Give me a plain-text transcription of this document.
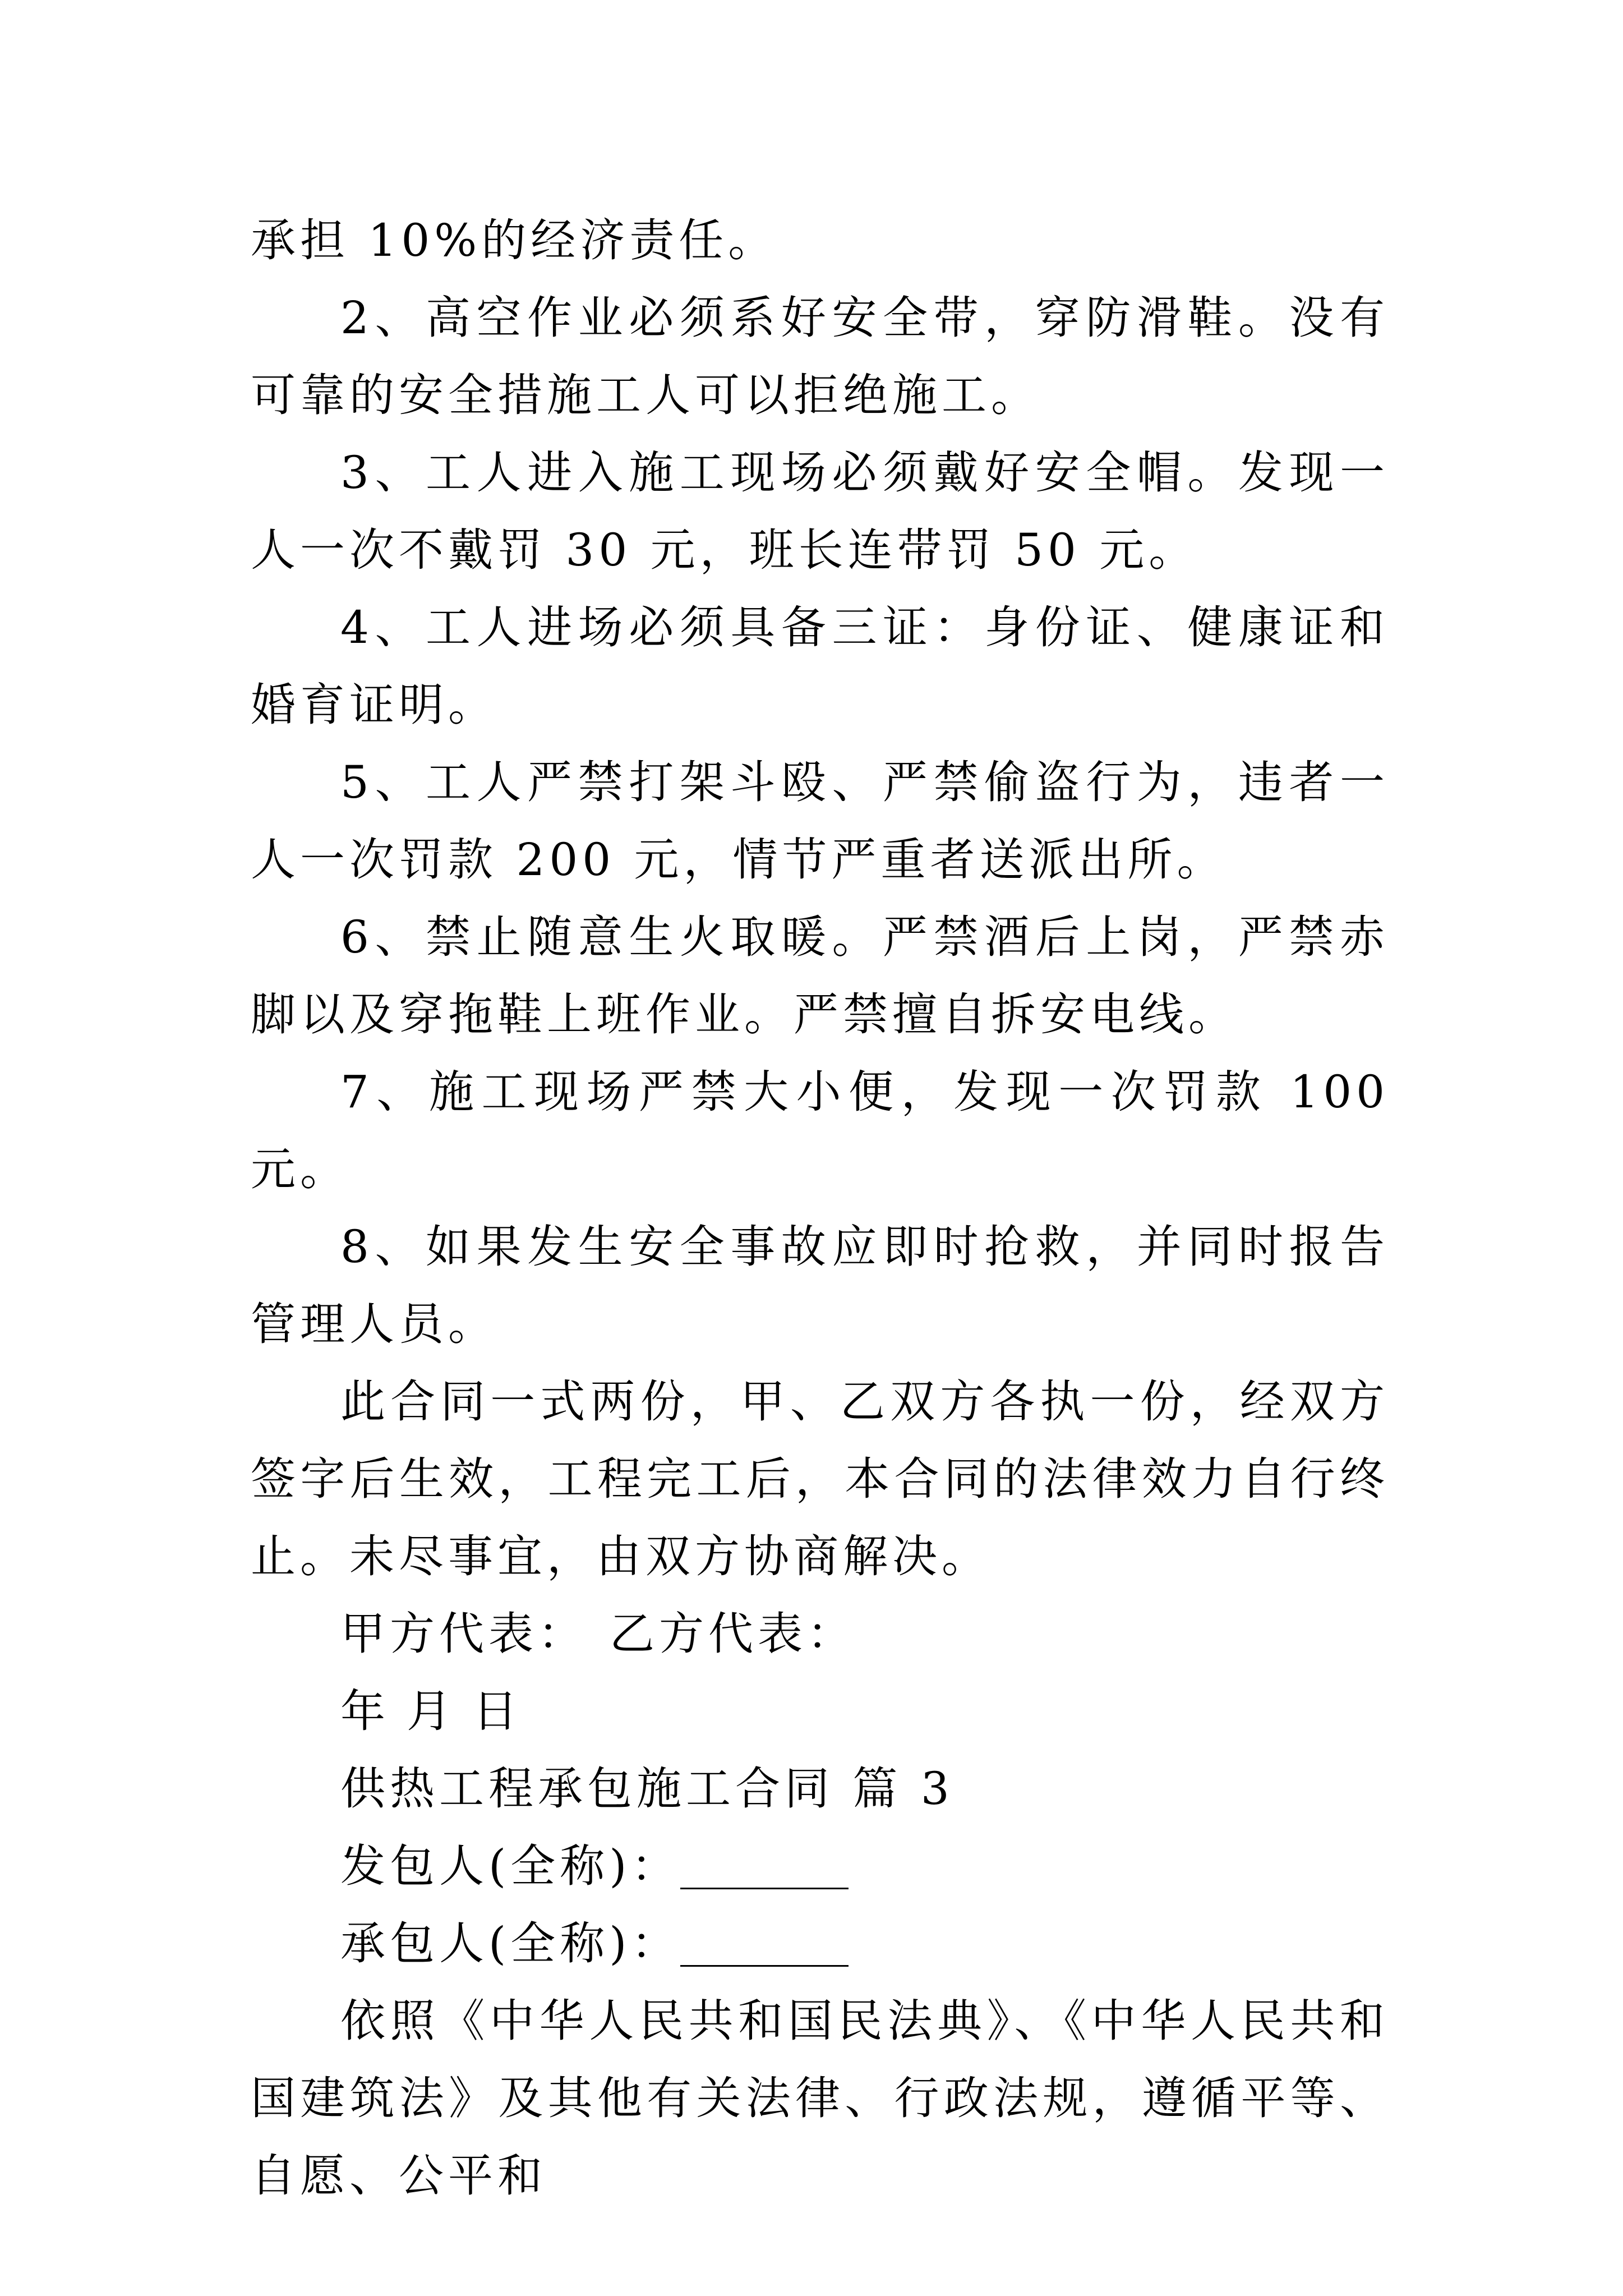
承担 10%的经济责任。

2、高空作业必须系好安全带，穿防滑鞋。没有可靠的安全措施工人可以拒绝施工。

3、工人进入施工现场必须戴好安全帽。发现一人一次不戴罚 30 元，班长连带罚 50 元。

4、工人进场必须具备三证：身份证、健康证和婚育证明。

5、工人严禁打架斗殴、严禁偷盗行为，违者一人一次罚款 200 元，情节严重者送派出所。

6、禁止随意生火取暖。严禁酒后上岗，严禁赤脚以及穿拖鞋上班作业。严禁擅自拆安电线。

7、施工现场严禁大小便，发现一次罚款 100 元。

8、如果发生安全事故应即时抢救，并同时报告管理人员。

此合同一式两份，甲、乙双方各执一份，经双方签字后生效，工程完工后，本合同的法律效力自行终止。未尽事宜，由双方协商解决。

甲方代表： 乙方代表：

年 月 日

供热工程承包施工合同 篇 3

发包人(全称)：

承包人(全称)：

依照《中华人民共和国民法典》、《中华人民共和国建筑法》及其他有关法律、行政法规，遵循平等、自愿、公平和
